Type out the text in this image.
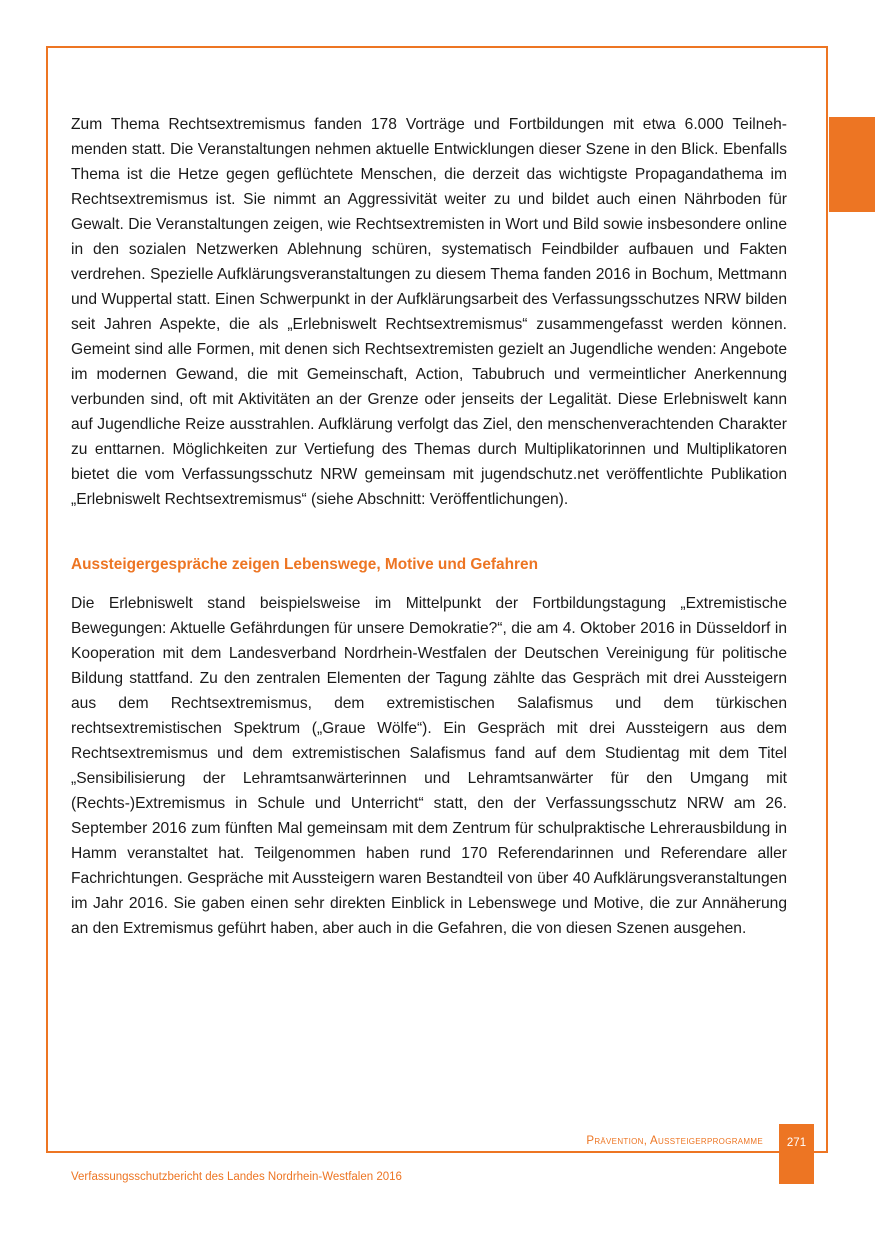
Zum Thema Rechtsextremismus fanden 178 Vorträge und Fortbildungen mit etwa 6.000 Teilnehmenden statt. Die Veranstaltungen nehmen aktuelle Entwicklungen dieser Szene in den Blick. Ebenfalls Thema ist die Hetze gegen geflüchtete Menschen, die derzeit das wichtigste Propagandathema im Rechtsextremismus ist. Sie nimmt an Aggressivität weiter zu und bildet auch einen Nährboden für Gewalt. Die Veranstaltungen zeigen, wie Rechtsextremisten in Wort und Bild sowie insbesondere online in den sozialen Netzwerken Ablehnung schüren, systematisch Feindbilder aufbauen und Fakten verdrehen. Spezielle Aufklärungsveranstaltungen zu diesem Thema fanden 2016 in Bochum, Mettmann und Wuppertal statt. Einen Schwerpunkt in der Aufklärungsarbeit des Verfassungsschutzes NRW bilden seit Jahren Aspekte, die als „Erlebniswelt Rechtsextremismus“ zusammengefasst werden können. Gemeint sind alle Formen, mit denen sich Rechtsextremisten gezielt an Jugendliche wenden: Angebote im modernen Gewand, die mit Gemeinschaft, Action, Tabubruch und vermeintlicher Anerkennung verbunden sind, oft mit Aktivitäten an der Grenze oder jenseits der Legalität. Diese Erlebniswelt kann auf Jugendliche Reize ausstrahlen. Aufklärung verfolgt das Ziel, den menschenverachtenden Charakter zu enttarnen. Möglichkeiten zur Vertiefung des Themas durch Multiplikatorinnen und Multiplikatoren bietet die vom Verfassungsschutz NRW gemeinsam mit jugendschutz.net veröffentlichte Publikation „Erlebniswelt Rechtsextremismus“ (siehe Abschnitt: Veröffentlichungen).

Aussteigergespräche zeigen Lebenswege, Motive und Gefahren

Die Erlebniswelt stand beispielsweise im Mittelpunkt der Fortbildungstagung „Extremistische Bewegungen: Aktuelle Gefährdungen für unsere Demokratie?“, die am 4. Oktober 2016 in Düsseldorf in Kooperation mit dem Landesverband Nordrhein-Westfalen der Deutschen Vereinigung für politische Bildung stattfand. Zu den zentralen Elementen der Tagung zählte das Gespräch mit drei Aussteigern aus dem Rechtsextremismus, dem extremistischen Salafismus und dem türkischen rechtsextremistischen Spektrum („Graue Wölfe“). Ein Gespräch mit drei Aussteigern aus dem Rechtsextremismus und dem extremistischen Salafismus fand auf dem Studientag mit dem Titel „Sensibilisierung der Lehramtsanwärterinnen und Lehramtsanwärter für den Umgang mit (Rechts-)Extremismus in Schule und Unterricht“ statt, den der Verfassungsschutz NRW am 26. September 2016 zum fünften Mal gemeinsam mit dem Zentrum für schulpraktische Lehrerausbildung in Hamm veranstaltet hat. Teilgenommen haben rund 170 Referendarinnen und Referendare aller Fachrichtungen. Gespräche mit Aussteigern waren Bestandteil von über 40 Aufklärungsveranstaltungen im Jahr 2016. Sie gaben einen sehr direkten Einblick in Lebenswege und Motive, die zur Annäherung an den Extremismus geführt haben, aber auch in die Gefahren, die von diesen Szenen ausgehen.

Prävention, Aussteigerprogramme	271
Verfassungsschutzbericht des Landes Nordrhein-Westfalen 2016
